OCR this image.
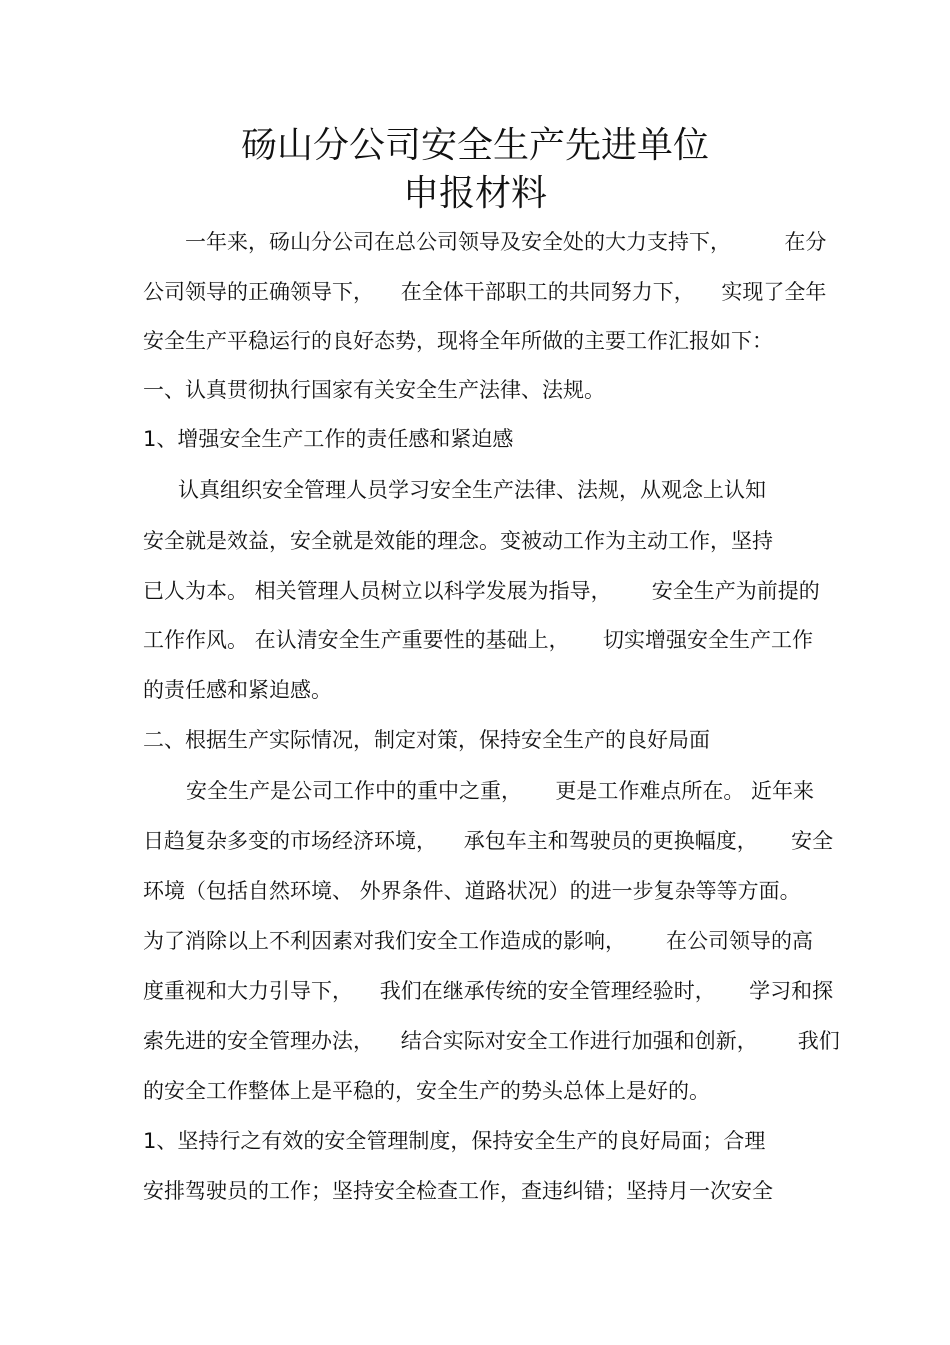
砀山分公司安全生产先进单位
申报材料

一年来，砀山分公司在总公司领导及安全处的大力支持下，        在分

公司领导的正确领导下，    在全体干部职工的共同努力下，    实现了全年

安全生产平稳运行的良好态势，现将全年所做的主要工作汇报如下：

一、认真贯彻执行国家有关安全生产法律、法规。

1、增强安全生产工作的责任感和紧迫感

认真组织安全管理人员学习安全生产法律、法规，从观念上认知

安全就是效益，安全就是效能的理念。变被动工作为主动工作，坚持

已人为本。 相关管理人员树立以科学发展为指导，      安全生产为前提的

工作作风。 在认清安全生产重要性的基础上，     切实增强安全生产工作

的责任感和紧迫感。

二、根据生产实际情况，制定对策，保持安全生产的良好局面

安全生产是公司工作中的重中之重，     更是工作难点所在。 近年来

日趋复杂多变的市场经济环境，    承包车主和驾驶员的更换幅度，     安全

环境（包括自然环境、 外界条件、道路状况）的进一步复杂等等方面。

为了消除以上不利因素对我们安全工作造成的影响，      在公司领导的高

度重视和大力引导下，    我们在继承传统的安全管理经验时，     学习和探

索先进的安全管理办法，    结合实际对安全工作进行加强和创新，      我们

的安全工作整体上是平稳的，安全生产的势头总体上是好的。

1、坚持行之有效的安全管理制度，保持安全生产的良好局面；合理

安排驾驶员的工作；坚持安全检查工作，查违纠错；坚持月一次安全
